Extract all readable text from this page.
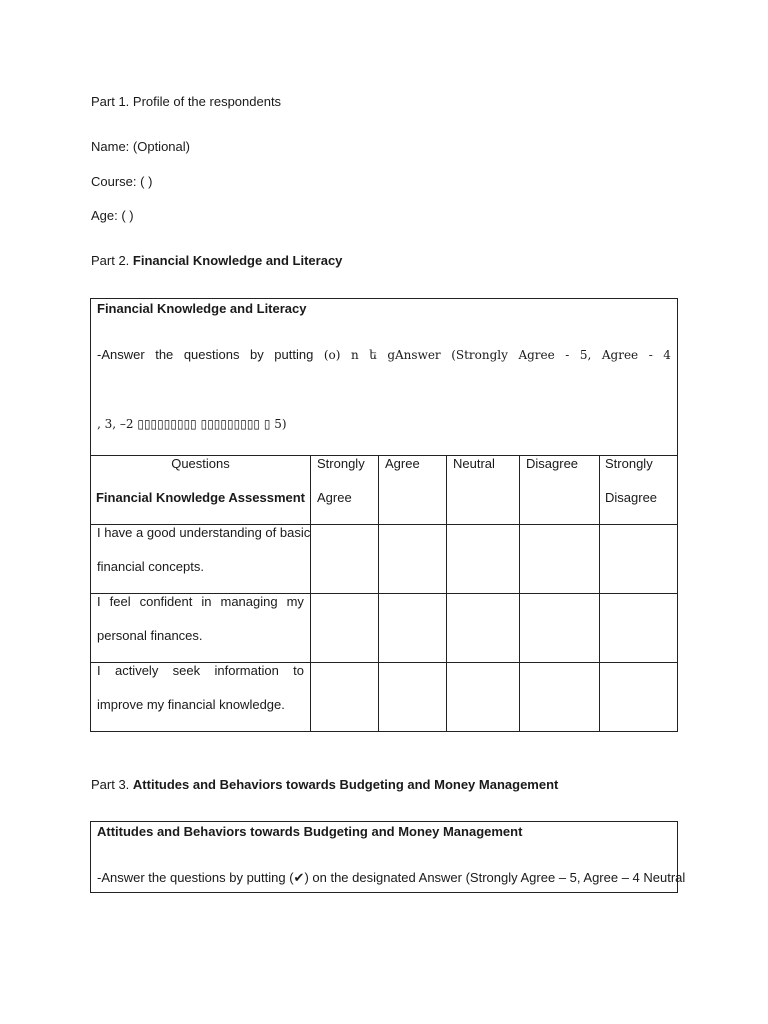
Part 1. Profile of the respondents
Name: (Optional)
Course: ( )
Age: ( )
Part 2. Financial Knowledge and Literacy
Financial Knowledge and Literacy
-Answer the questions by putting (o) n ե gAnswer (Strongly Agree - 5, Agree - 4
‚ 3, –2 ▯▯▯▯▯▯▯▯▯ ▯▯▯▯▯▯▯▯▯ ▯ 5)
Questions
Financial Knowledge Assessment
Strongly
Agree
Agree	Neutral Disagree Strongly
Disagree
I have a good understanding of basic
financial concepts.
I feel confident in managing my
personal finances.
I actively seek information to
improve my financial knowledge.
Part 3. Attitudes and Behaviors towards Budgeting and Money Management
Attitudes and Behaviors towards Budgeting and Money Management
-Answer the questions by putting (✔) on the designated Answer (Strongly Agree – 5, Agree – 4 Neutral
